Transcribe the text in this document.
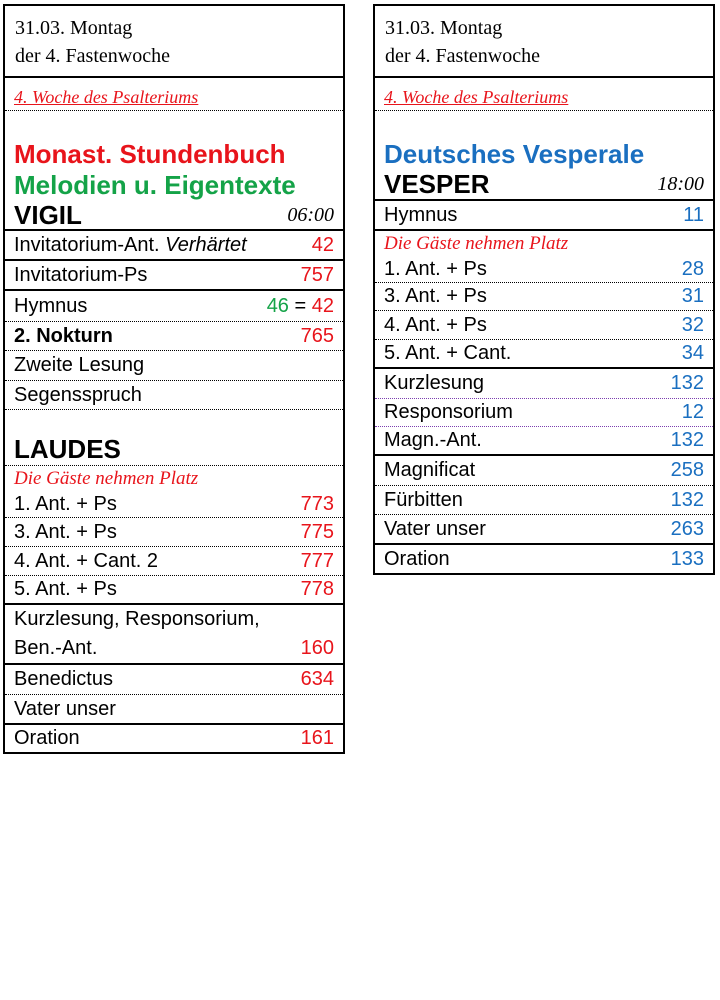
31.03. Montag
der 4. Fastenwoche
4. Woche des Psalteriums
Monast. Stundenbuch
Melodien u. Eigentexte
VIGIL	06:00
Invitatorium-Ant. Verhärtet	42
Invitatorium-Ps	757
Hymnus	46 = 42
2. Nokturn	765
Zweite Lesung
Segensspruch
LAUDES
Die Gäste nehmen Platz
1. Ant. + Ps	773
3. Ant. + Ps	775
4. Ant. + Cant. 2	777
5. Ant. + Ps	778
Kurzlesung, Responsorium,
Ben.-Ant.	160
Benedictus	634
Vater unser
Oration	161
31.03. Montag
der 4. Fastenwoche
4. Woche des Psalteriums
Deutsches Vesperale
VESPER	18:00
Hymnus	11
Die Gäste nehmen Platz
1. Ant. + Ps	28
3. Ant. + Ps	31
4. Ant. + Ps	32
5. Ant. + Cant.	34
Kurzlesung	132
Responsorium	12
Magn.-Ant.	132
Magnificat	258
Fürbitten	132
Vater unser	263
Oration	133
